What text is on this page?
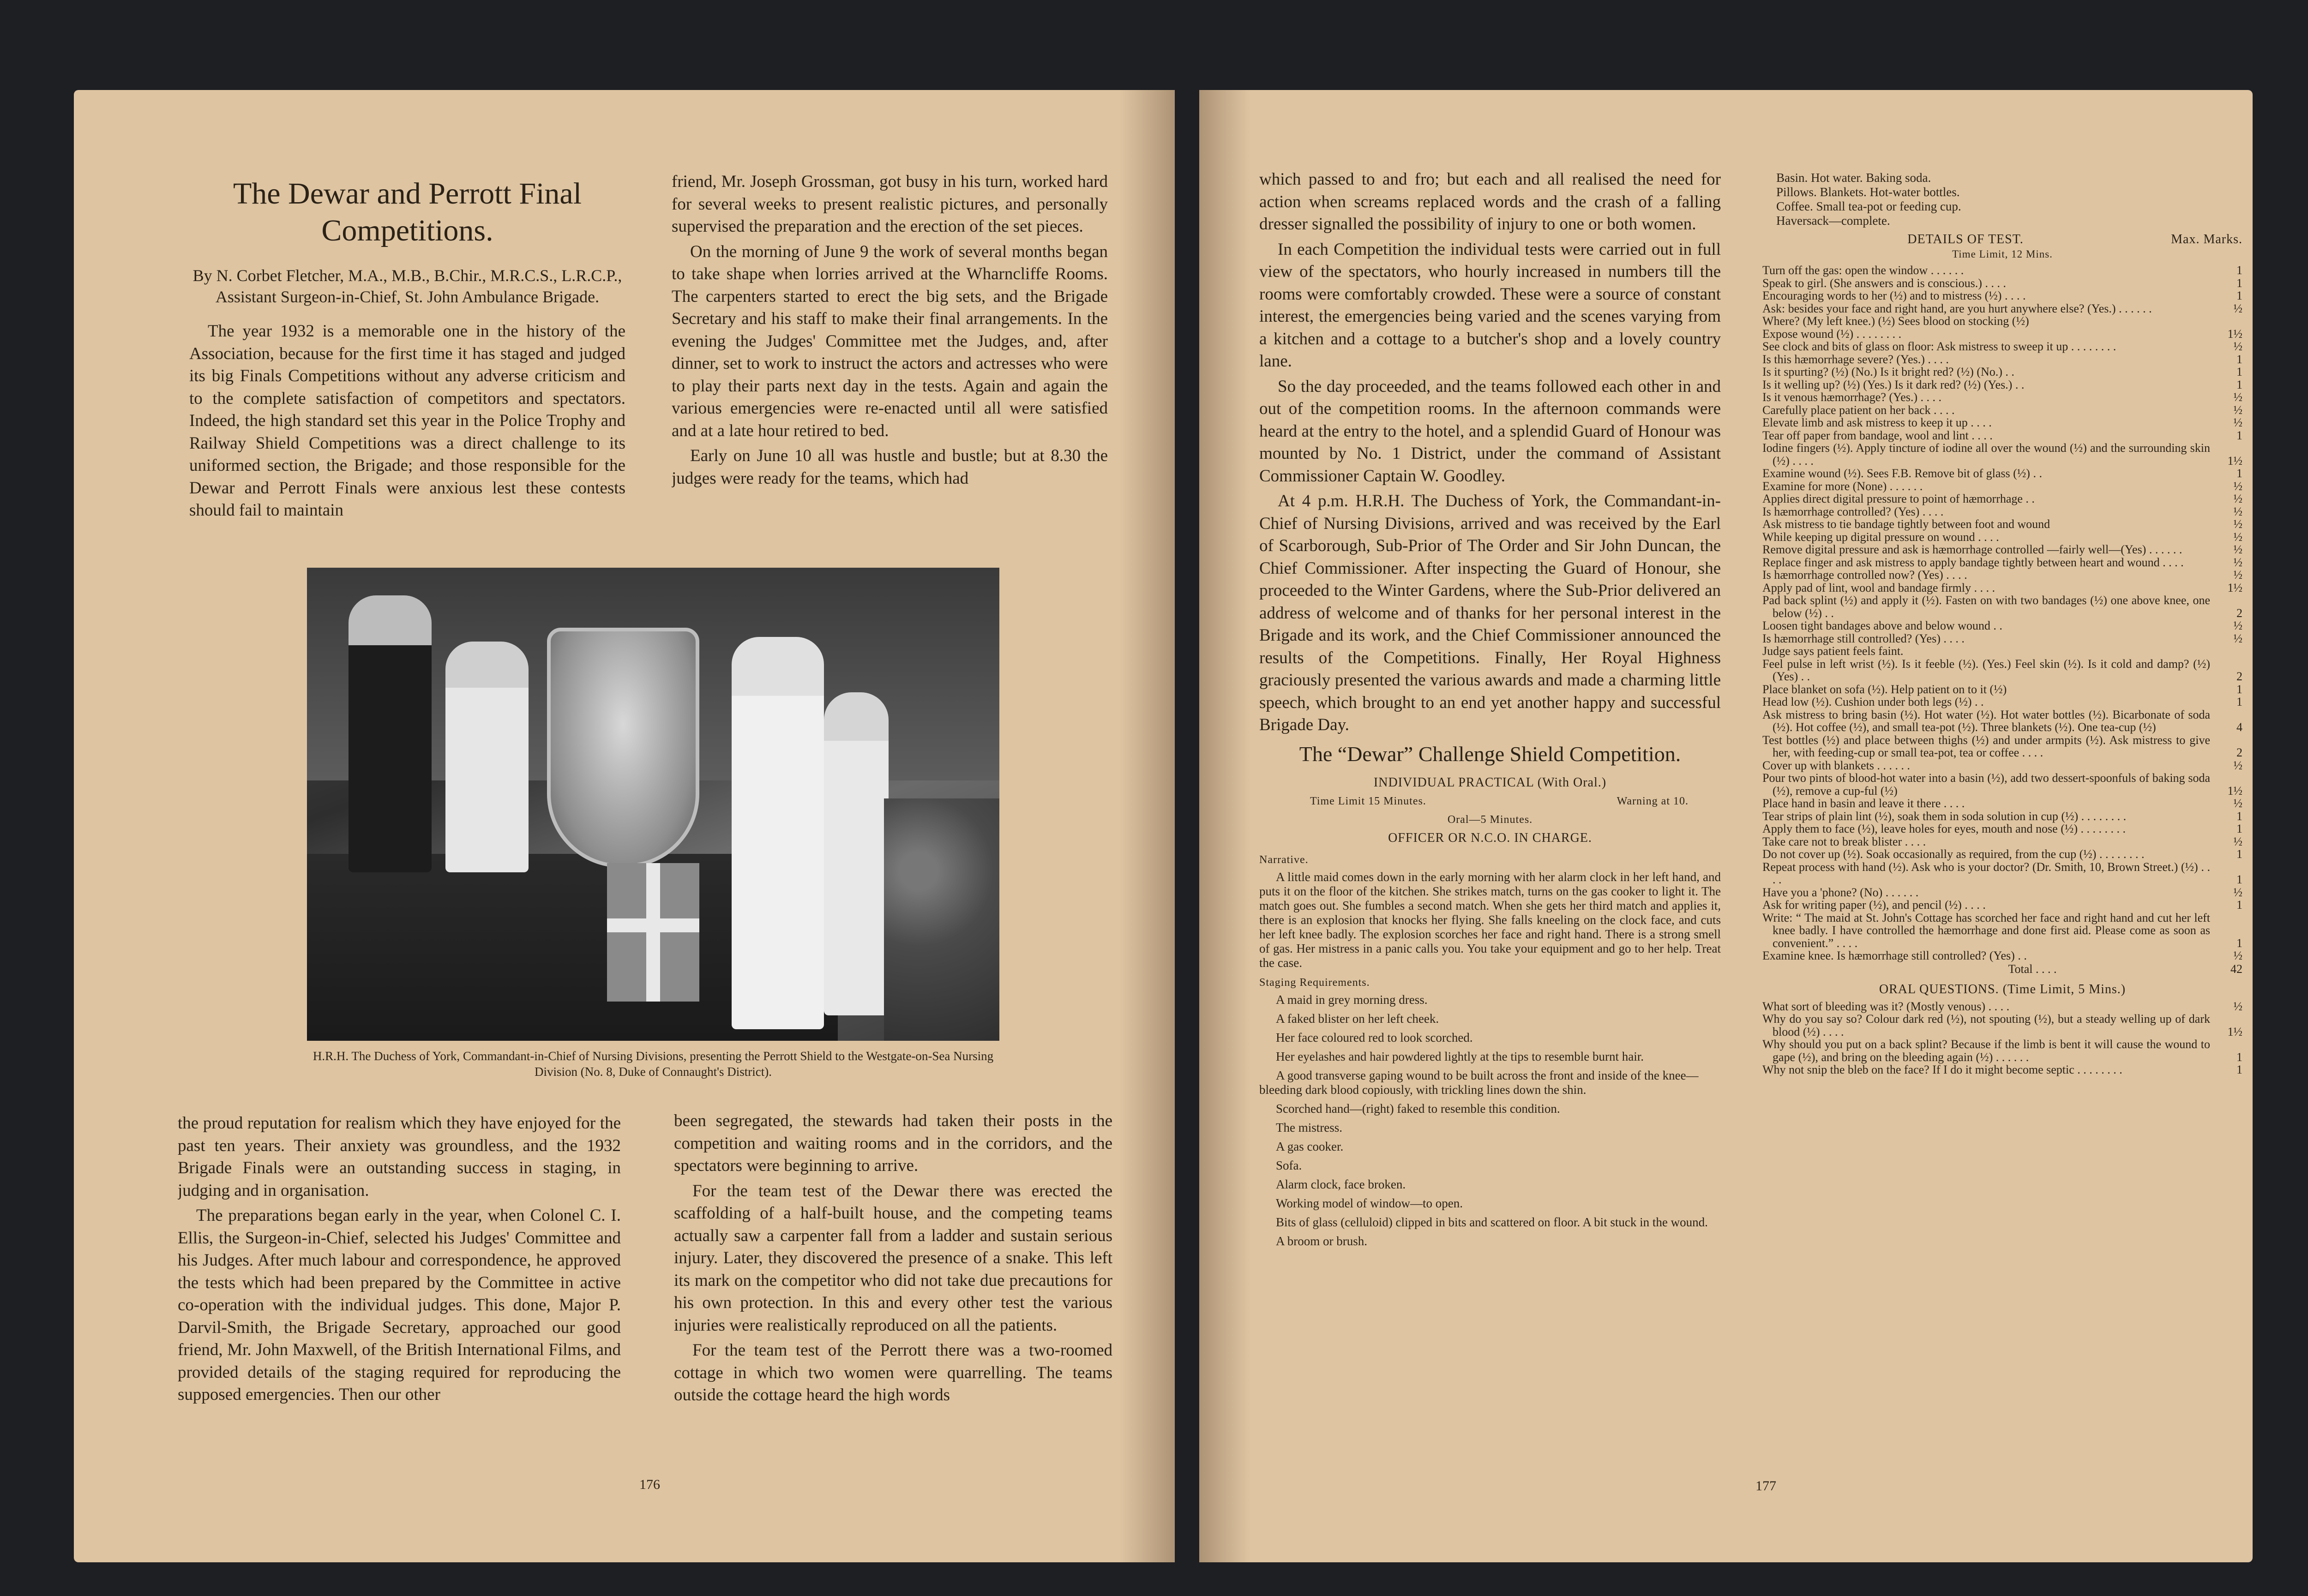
The Dewar and Perrott Final Competitions.
By N. Corbet Fletcher, M.A., M.B., B.Chir., M.R.C.S., L.R.C.P., Assistant Surgeon-in-Chief, St. John Ambulance Brigade.

The year 1932 is a memorable one in the history of the Association, because for the first time it has staged and judged its big Finals Competitions without any adverse criticism and to the complete satisfaction of competitors and spectators. Indeed, the high standard set this year in the Police Trophy and Railway Shield Competitions was a direct challenge to its uniformed section, the Brigade; and those responsible for the Dewar and Perrott Finals were anxious lest these contests should fail to maintain

friend, Mr. Joseph Grossman, got busy in his turn, worked hard for several weeks to present realistic pictures, and personally supervised the preparation and the erection of the set pieces.

On the morning of June 9 the work of several months began to take shape when lorries arrived at the Wharncliffe Rooms. The carpenters started to erect the big sets, and the Brigade Secretary and his staff to make their final arrangements. In the evening the Judges' Committee met the Judges, and, after dinner, set to work to instruct the actors and actresses who were to play their parts next day in the tests. Again and again the various emergencies were re-enacted until all were satisfied and at a late hour retired to bed.

Early on June 10 all was hustle and bustle; but at 8.30 the judges were ready for the teams, which had

H.R.H. The Duchess of York, Commandant-in-Chief of Nursing Divisions, presenting the Perrott Shield to the Westgate-on-Sea Nursing Division (No. 8, Duke of Connaught's District).

the proud reputation for realism which they have enjoyed for the past ten years. Their anxiety was groundless, and the 1932 Brigade Finals were an outstanding success in staging, in judging and in organisation.

The preparations began early in the year, when Colonel C. I. Ellis, the Surgeon-in-Chief, selected his Judges' Committee and his Judges. After much labour and correspondence, he approved the tests which had been prepared by the Committee in active co-operation with the individual judges. This done, Major P. Darvil-Smith, the Brigade Secretary, approached our good friend, Mr. John Maxwell, of the British International Films, and provided details of the staging required for reproducing the supposed emergencies. Then our other

been segregated, the stewards had taken their posts in the competition and waiting rooms and in the corridors, and the spectators were beginning to arrive.

For the team test of the Dewar there was erected the scaffolding of a half-built house, and the competing teams actually saw a carpenter fall from a ladder and sustain serious injury. Later, they discovered the presence of a snake. This left its mark on the competitor who did not take due precautions for his own protection. In this and every other test the various injuries were realistically reproduced on all the patients.

For the team test of the Perrott there was a two-roomed cottage in which two women were quarrelling. The teams outside the cottage heard the high words

176

which passed to and fro; but each and all realised the need for action when screams replaced words and the crash of a falling dresser signalled the possibility of injury to one or both women.

In each Competition the individual tests were carried out in full view of the spectators, who hourly increased in numbers till the rooms were comfortably crowded. These were a source of constant interest, the emergencies being varied and the scenes varying from a kitchen and a cottage to a butcher's shop and a lovely country lane.

So the day proceeded, and the teams followed each other in and out of the competition rooms. In the afternoon commands were heard at the entry to the hotel, and a splendid Guard of Honour was mounted by No. 1 District, under the command of Assistant Commissioner Captain W. Goodley.

At 4 p.m. H.R.H. The Duchess of York, the Commandant-in-Chief of Nursing Divisions, arrived and was received by the Earl of Scarborough, Sub-Prior of The Order and Sir John Duncan, the Chief Commissioner. After inspecting the Guard of Honour, she proceeded to the Winter Gardens, where the Sub-Prior delivered an address of welcome and of thanks for her personal interest in the Brigade and its work, and the Chief Commissioner announced the results of the Competitions. Finally, Her Royal Highness graciously presented the various awards and made a charming little speech, which brought to an end yet another happy and successful Brigade Day.

The “Dewar” Challenge Shield Competition.
INDIVIDUAL PRACTICAL (With Oral.)
Time Limit 15 Minutes.	Warning at 10.
Oral—5 Minutes.
OFFICER OR N.C.O. IN CHARGE.
Narrative.

A little maid comes down in the early morning with her alarm clock in her left hand, and puts it on the floor of the kitchen. She strikes match, turns on the gas cooker to light it. The match goes out. She fumbles a second match. When she gets her third match and applies it, there is an explosion that knocks her flying. She falls kneeling on the clock face, and cuts her left knee badly. The explosion scorches her face and right hand. There is a strong smell of gas. Her mistress in a panic calls you. You take your equipment and go to her help. Treat the case.

Staging Requirements.
A maid in grey morning dress.
A faked blister on her left cheek.
Her face coloured red to look scorched.
Her eyelashes and hair powdered lightly at the tips to resemble burnt hair.
A good transverse gaping wound to be built across the front and inside of the knee—bleeding dark blood copiously, with trickling lines down the shin.
Scorched hand—(right) faked to resemble this condition.
The mistress.
A gas cooker.
Sofa.
Alarm clock, face broken.
Working model of window—to open.
Bits of glass (celluloid) clipped in bits and scattered on floor. A bit stuck in the wound.
A broom or brush.
Basin. Hot water. Baking soda.
Pillows. Blankets. Hot-water bottles.
Coffee. Small tea-pot or feeding cup.
Haversack—complete.
DETAILS OF TEST.	Max. Marks.
Time Limit, 12 Mins.
Turn off the gas: open the window . . . . . .	1
Speak to girl. (She answers and is conscious.) . . . .	1
Encouraging words to her (½) and to mistress (½) . . . .	1
Ask: besides your face and right hand, are you hurt anywhere else? (Yes.) . . . . . .	½
Where? (My left knee.) (½) Sees blood on stocking (½)
Expose wound (½) . . . . . . . .	1½
See clock and bits of glass on floor: Ask mistress to sweep it up . . . . . . . .	½
Is this hæmorrhage severe? (Yes.) . . . .	1
Is it spurting? (½) (No.) Is it bright red? (½) (No.) . .	1
Is it welling up? (½) (Yes.) Is it dark red? (½) (Yes.) . .	1
Is it venous hæmorrhage? (Yes.) . . . .	½
Carefully place patient on her back . . . .	½
Elevate limb and ask mistress to keep it up . . . .	½
Tear off paper from bandage, wool and lint . . . .	1
Iodine fingers (½). Apply tincture of iodine all over the wound (½) and the surrounding skin (½) . . . .	1½
Examine wound (½). Sees F.B. Remove bit of glass (½) . .	1
Examine for more (None) . . . . . .	½
Applies direct digital pressure to point of hæmorrhage . .	½
Is hæmorrhage controlled? (Yes) . . . .	½
Ask mistress to tie bandage tightly between foot and wound	½
While keeping up digital pressure on wound . . . .	½
Remove digital pressure and ask is hæmorrhage controlled —fairly well—(Yes) . . . . . .	½
Replace finger and ask mistress to apply bandage tightly between heart and wound . . . .	½
Is hæmorrhage controlled now? (Yes) . . . .	½
Apply pad of lint, wool and bandage firmly . . . .	1½
Pad back splint (½) and apply it (½). Fasten on with two bandages (½) one above knee, one below (½) . .	2
Loosen tight bandages above and below wound . .	½
Is hæmorrhage still controlled? (Yes) . . . .	½
Judge says patient feels faint.
Feel pulse in left wrist (½). Is it feeble (½). (Yes.) Feel skin (½). Is it cold and damp? (½) (Yes) . .	2
Place blanket on sofa (½). Help patient on to it (½)	1
Head low (½). Cushion under both legs (½) . .	1
Ask mistress to bring basin (½). Hot water (½). Hot water bottles (½). Bicarbonate of soda (½). Hot coffee (½), and small tea-pot (½). Three blankets (½). One tea-cup (½)	4
Test bottles (½) and place between thighs (½) and under armpits (½). Ask mistress to give her, with feeding-cup or small tea-pot, tea or coffee . . . .	2
Cover up with blankets . . . . . .	½
Pour two pints of blood-hot water into a basin (½), add two dessert-spoonfuls of baking soda (½), remove a cup-ful (½)	1½
Place hand in basin and leave it there . . . .	½
Tear strips of plain lint (½), soak them in soda solution in cup (½) . . . . . . . .	1
Apply them to face (½), leave holes for eyes, mouth and nose (½) . . . . . . . .	1
Take care not to break blister . . . .	½
Do not cover up (½). Soak occasionally as required, from the cup (½) . . . . . . . .	1
Repeat process with hand (½). Ask who is your doctor? (Dr. Smith, 10, Brown Street.) (½) . . . .	1
Have you a 'phone? (No) . . . . . .	½
Ask for writing paper (½), and pencil (½) . . . .	1
Write: “ The maid at St. John's Cottage has scorched her face and right hand and cut her left knee badly. I have controlled the hæmorrhage and done first aid. Please come as soon as convenient.” . . . .	1
Examine knee. Is hæmorrhage still controlled? (Yes) . .	½
Total . . . .	42
ORAL QUESTIONS. (Time Limit, 5 Mins.)
What sort of bleeding was it? (Mostly venous) . . . .	½
Why do you say so? Colour dark red (½), not spouting (½), but a steady welling up of dark blood (½) . . . .	1½
Why should you put on a back splint? Because if the limb is bent it will cause the wound to gape (½), and bring on the bleeding again (½) . . . . . .	1
Why not snip the bleb on the face? If I do it might become septic . . . . . . . .	1
177
